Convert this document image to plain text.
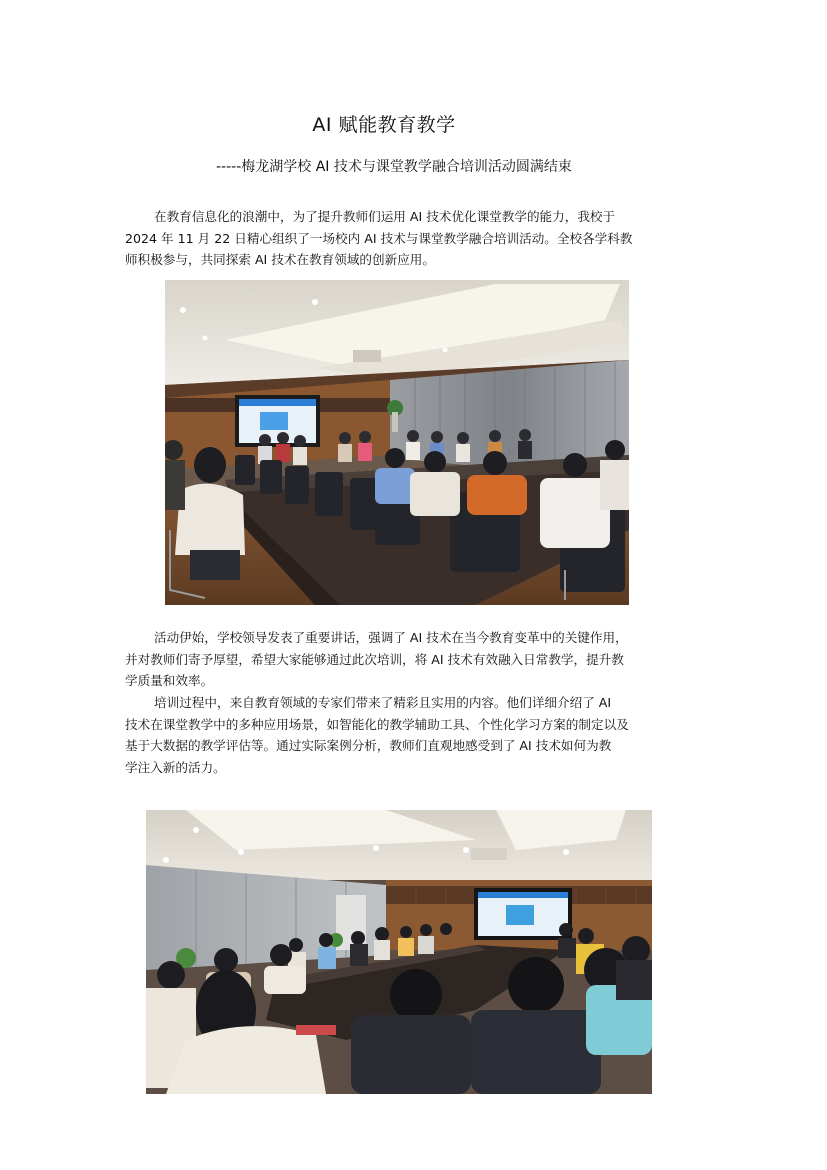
AI 赋能教育教学
-----梅龙湖学校 AI 技术与课堂教学融合培训活动圆满结束

在教育信息化的浪潮中，为了提升教师们运用 AI 技术优化课堂教学的能力，我校于
2024 年 11 月 22 日精心组织了一场校内 AI 技术与课堂教学融合培训活动。全校各学科教
师积极参与，共同探索 AI 技术在教育领域的创新应用。

活动伊始，学校领导发表了重要讲话，强调了 AI 技术在当今教育变革中的关键作用，
并对教师们寄予厚望，希望大家能够通过此次培训，将 AI 技术有效融入日常教学，提升教
学质量和效率。

培训过程中，来自教育领域的专家们带来了精彩且实用的内容。他们详细介绍了 AI
技术在课堂教学中的多种应用场景，如智能化的教学辅助工具、个性化学习方案的制定以及
基于大数据的教学评估等。通过实际案例分析，教师们直观地感受到了 AI 技术如何为教
学注入新的活力。
